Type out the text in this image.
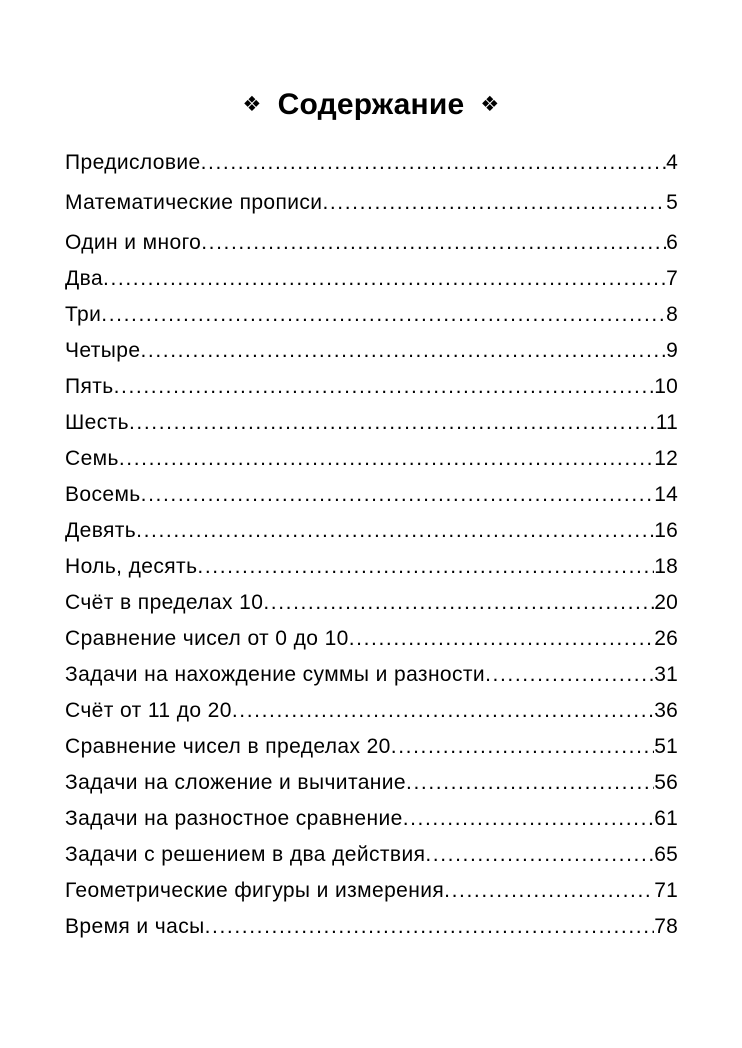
❖ Содержание ❖
Предисловие .....	4
Математические прописи .....	5
Один и много .....	6
Два .....	7
Три .....	8
Четыре .....	9
Пять .....	10
Шесть .....	11
Семь .....	12
Восемь .....	14
Девять .....	16
Ноль, десять .....	18
Счёт в пределах 10 .....	20
Сравнение чисел от 0 до 10 .....	26
Задачи на нахождение суммы и разности .....	31
Счёт от 11 до 20 .....	36
Сравнение чисел в пределах 20 .....	51
Задачи на сложение и вычитание .....	56
Задачи на разностное сравнение .....	61
Задачи с решением в два действия .....	65
Геометрические фигуры и измерения .....	71
Время и часы .....	78
